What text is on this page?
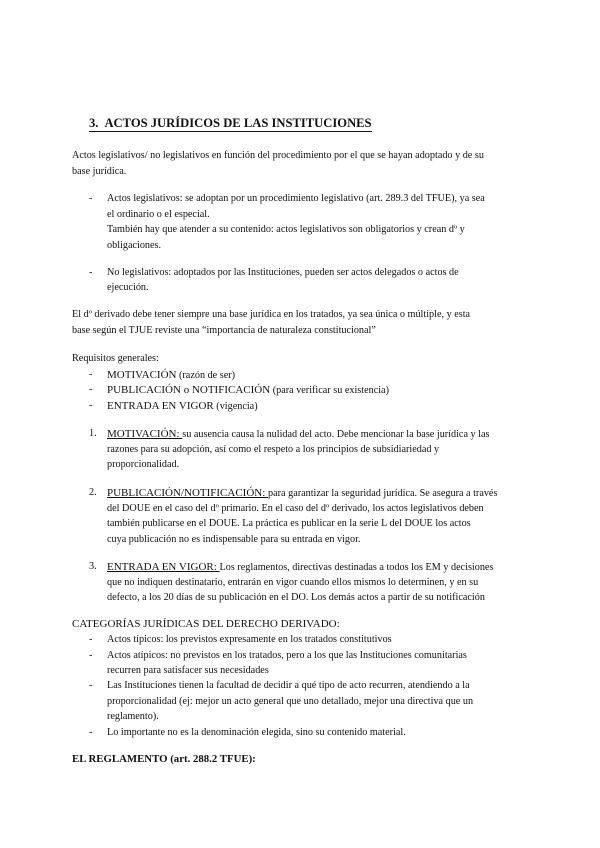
3. ACTOS JURÍDICOS DE LAS INSTITUCIONES
Actos legislativos/ no legislativos en función del procedimiento por el que se hayan adoptado y de su
base jurídica.
-	Actos legislativos: se adoptan por un procedimiento legislativo (art. 289.3 del TFUE), ya sea
el ordinario o el especial.
También hay que atender a su contenido: actos legislativos son obligatorios y crean dº y
obligaciones.
-	No legislativos: adoptados por las Instituciones, pueden ser actos delegados o actos de
ejecución.
El dº derivado debe tener siempre una base jurídica en los tratados, ya sea única o múltiple, y esta
base según el TJUE reviste una “importancia de naturaleza constitucional”
Requisitos generales:
-	MOTIVACIÓN (razón de ser)
-	PUBLICACIÓN o NOTIFICACIÓN (para verificar su existencia)
-	ENTRADA EN VIGOR (vigencia)
1. MOTIVACIÓN: su ausencia causa la nulidad del acto. Debe mencionar la base jurídica y las
razones para su adopción, así como el respeto a los principios de subsidiariedad y
proporcionalidad.
2. PUBLICACIÓN/NOTIFICACIÓN: para garantizar la seguridad jurídica. Se asegura a través
del DOUE en el caso del dº primario. En el caso del dº derivado, los actos legislativos deben
también publicarse en el DOUE. La práctica es publicar en la serie L del DOUE los actos
cuya publicación no es indispensable para su entrada en vigor.
3. ENTRADA EN VIGOR: Los reglamentos, directivas destinadas a todos los EM y decisiones
que no indiquen destinatario, entrarán en vigor cuando ellos mismos lo determinen, y en su
defecto, a los 20 días de su publicación en el DO. Los demás actos a partir de su notificación
CATEGORÍAS JURÍDICAS DEL DERECHO DERIVADO:
-	Actos típicos: los previstos expresamente en los tratados constitutivos
-	Actos atípicos: no previstos en los tratados, pero a los que las Instituciones comunitarias
recurren para satisfacer sus necesidades
-	Las Instituciones tienen la facultad de decidir a qué tipo de acto recurren, atendiendo a la
proporcionalidad (ej: mejor un acto general que uno detallado, mejor una directiva que un
reglamento).
-	Lo importante no es la denominación elegida, sino su contenido material.
EL REGLAMENTO (art. 288.2 TFUE):
